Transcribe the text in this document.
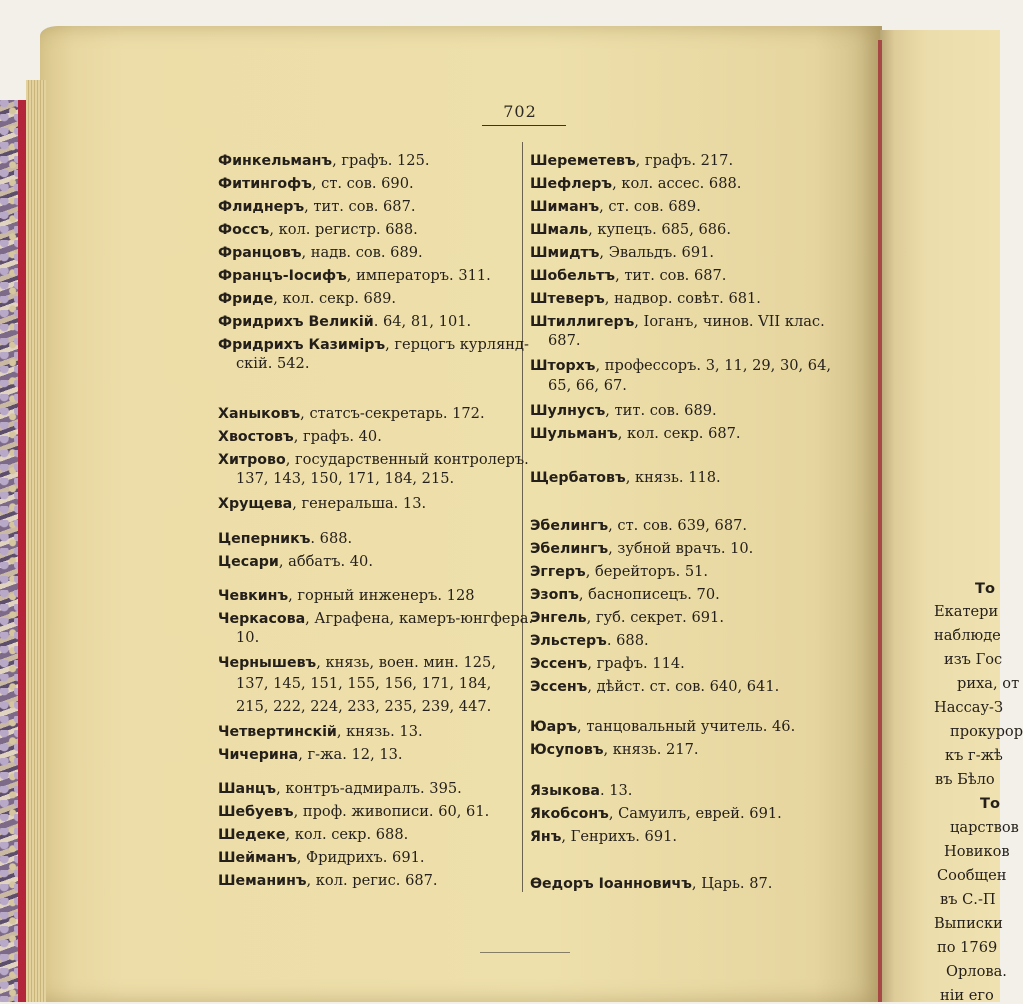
702
Финкельманъ, графъ. 125.
Фитингофъ, ст. сов. 690.
Флиднеръ, тит. сов. 687.
Фоссъ, кол. регистр. 688.
Францовъ, надв. сов. 689.
Францъ-Іосифъ, императоръ. 311.
Фриде, кол. секр. 689.
Фридрихъ Великій. 64, 81, 101.
Фридрихъ Казиміръ, герцогъ курлянд-
скій. 542.
Ханыковъ, статсъ-секретарь. 172.
Хвостовъ, графъ. 40.
Хитрово, государственный контролеръ.
137, 143, 150, 171, 184, 215.
Хрущева, генеральша. 13.
Цеперникъ. 688.
Цесари, аббатъ. 40.
Чевкинъ, горный инженеръ. 128
Черкасова, Аграфена, камеръ-юнгфера.
10.
Чернышевъ, князь, воен. мин. 125,
137, 145, 151, 155, 156, 171, 184,
215, 222, 224, 233, 235, 239, 447.
Четвертинскій, князь. 13.
Чичерина, г-жа. 12, 13.
Шанцъ, контръ-адмиралъ. 395.
Шебуевъ, проф. живописи. 60, 61.
Шедеке, кол. секр. 688.
Шейманъ, Фридрихъ. 691.
Шеманинъ, кол. регис. 687.
Шереметевъ, графъ. 217.
Шефлеръ, кол. ассес. 688.
Шиманъ, ст. сов. 689.
Шмаль, купецъ. 685, 686.
Шмидтъ, Эвальдъ. 691.
Шобельтъ, тит. сов. 687.
Штеверъ, надвор. совѣт. 681.
Штиллигеръ, Іоганъ, чинов. VII клас.
687.
Шторхъ, профессоръ. 3, 11, 29, 30, 64,
65, 66, 67.
Шулнусъ, тит. сов. 689.
Шульманъ, кол. секр. 687.
Щербатовъ, князь. 118.
Эбелингъ, ст. сов. 639, 687.
Эбелингъ, зубной врачъ. 10.
Эггеръ, берейторъ. 51.
Эзопъ, баснописецъ. 70.
Энгель, губ. секрет. 691.
Эльстеръ. 688.
Эссенъ, графъ. 114.
Эссенъ, дѣйст. ст. сов. 640, 641.
Юаръ, танцовальный учитель. 46.
Юсуповъ, князь. 217.
Языкова. 13.
Якобсонъ, Самуилъ, еврей. 691.
Янъ, Генрихъ. 691.
Ѳедоръ Іоанновичъ, Царь. 87.
То
Екатери
наблюде
изъ Гос
риха, от
Нассау-З
прокурор
къ г-жѣ
въ Бѣло
То
царствов
Новиков
Сообщен
въ С.-П
Выписки
по 1769
Орлова.
нiи его
